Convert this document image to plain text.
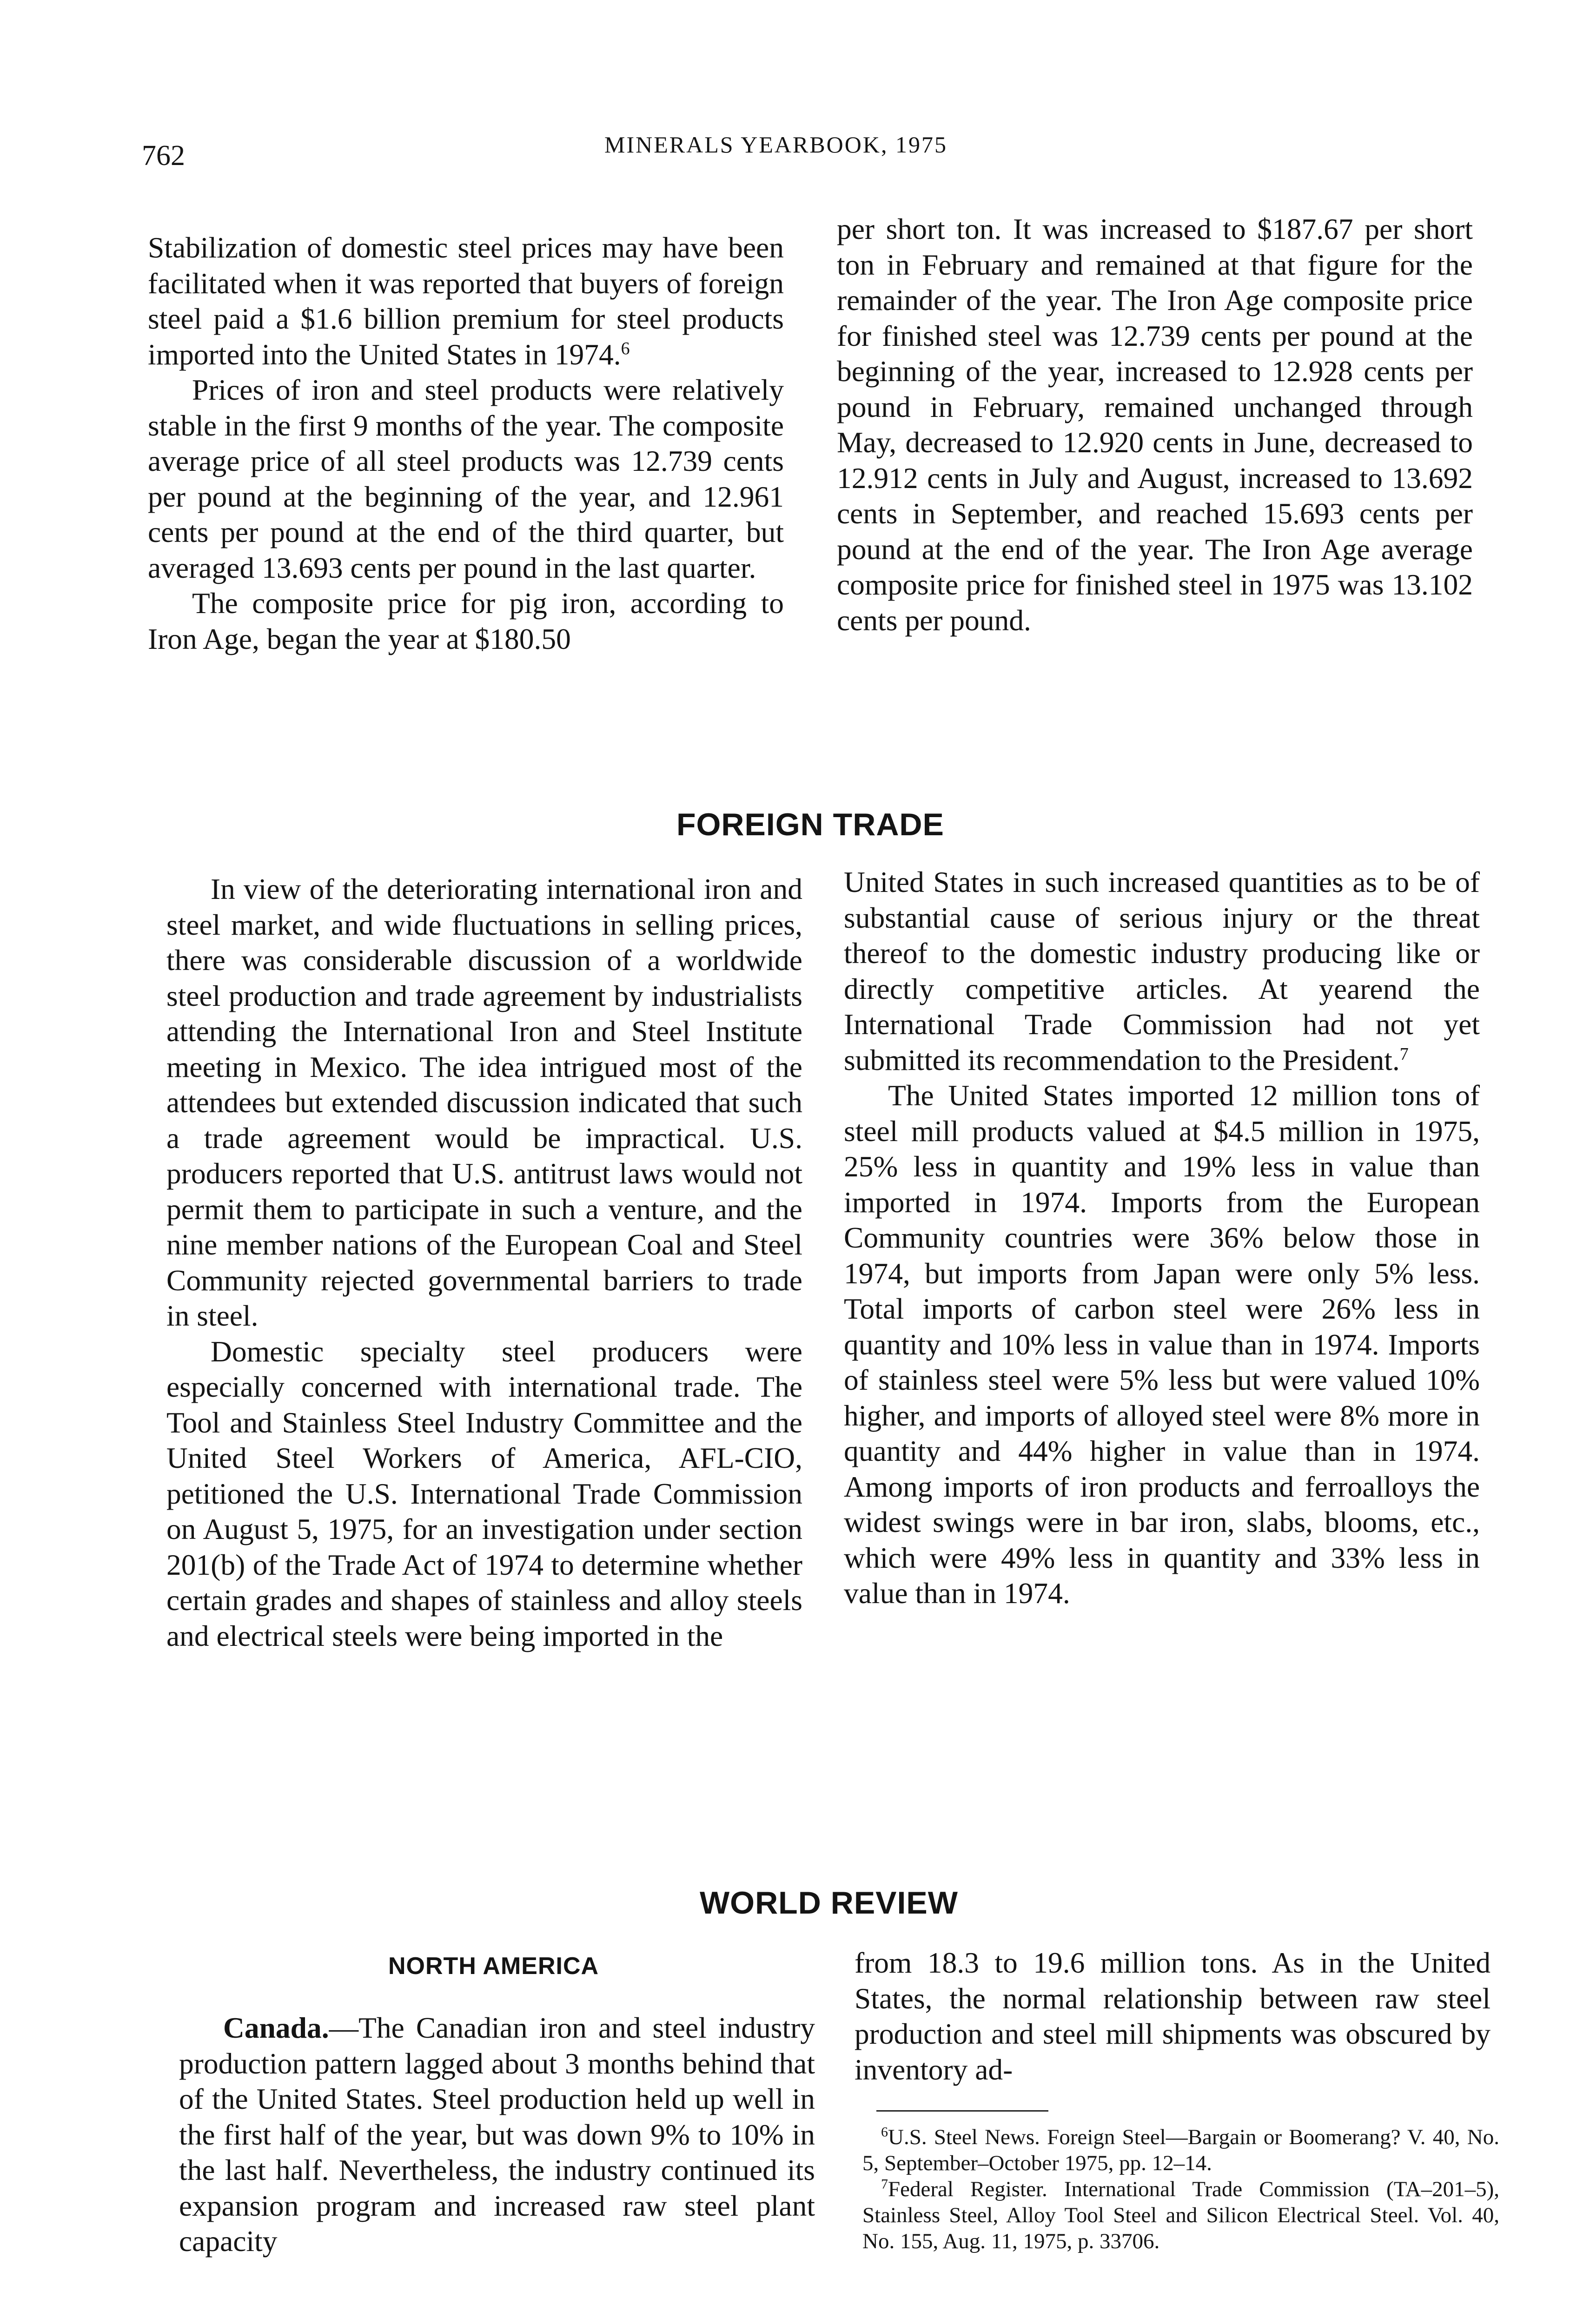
762	MINERALS YEARBOOK, 1975

Stabilization of domestic steel prices may have been facilitated when it was reported that buyers of foreign steel paid a $1.6 billion premium for steel products imported into the United States in 1974.$^6$

Prices of iron and steel products were relatively stable in the first 9 months of the year. The composite average price of all steel products was 12.739 cents per pound at the beginning of the year, and 12.961 cents per pound at the end of the third quarter, but averaged 13.693 cents per pound in the last quarter.

The composite price for pig iron, according to Iron Age, began the year at $180.50

per short ton. It was increased to $187.67 per short ton in February and remained at that figure for the remainder of the year. The Iron Age composite price for finished steel was 12.739 cents per pound at the beginning of the year, increased to 12.928 cents per pound in February, remained unchanged through May, decreased to 12.920 cents in June, decreased to 12.912 cents in July and August, increased to 13.692 cents in September, and reached 15.693 cents per pound at the end of the year. The Iron Age average composite price for finished steel in 1975 was 13.102 cents per pound.

FOREIGN TRADE

In view of the deteriorating international iron and steel market, and wide fluctuations in selling prices, there was considerable discussion of a worldwide steel production and trade agreement by industrialists attending the International Iron and Steel Institute meeting in Mexico. The idea intrigued most of the attendees but extended discussion indicated that such a trade agreement would be impractical. U.S. producers reported that U.S. antitrust laws would not permit them to participate in such a venture, and the nine member nations of the European Coal and Steel Community rejected governmental barriers to trade in steel.

Domestic specialty steel producers were especially concerned with international trade. The Tool and Stainless Steel Industry Committee and the United Steel Workers of America, AFL-CIO, petitioned the U.S. International Trade Commission on August 5, 1975, for an investigation under section 201(b) of the Trade Act of 1974 to determine whether certain grades and shapes of stainless and alloy steels and electrical steels were being imported in the

United States in such increased quantities as to be of substantial cause of serious injury or the threat thereof to the domestic industry producing like or directly competitive articles. At yearend the International Trade Commission had not yet submitted its recommendation to the President.$^7$

The United States imported 12 million tons of steel mill products valued at $4.5 million in 1975, 25% less in quantity and 19% less in value than imported in 1974. Imports from the European Community countries were 36% below those in 1974, but imports from Japan were only 5% less. Total imports of carbon steel were 26% less in quantity and 10% less in value than in 1974. Imports of stainless steel were 5% less but were valued 10% higher, and imports of alloyed steel were 8% more in quantity and 44% higher in value than in 1974. Among imports of iron products and ferroalloys the widest swings were in bar iron, slabs, blooms, etc., which were 49% less in quantity and 33% less in value than in 1974.

WORLD REVIEW
NORTH AMERICA

Canada.—The Canadian iron and steel industry production pattern lagged about 3 months behind that of the United States. Steel production held up well in the first half of the year, but was down 9% to 10% in the last half. Nevertheless, the industry continued its expansion program and increased raw steel plant capacity

from 18.3 to 19.6 million tons. As in the United States, the normal relationship between raw steel production and steel mill shipments was obscured by inventory ad-

$^6$U.S. Steel News. Foreign Steel—Bargain or Boomerang? V. 40, No. 5, September–October 1975, pp. 12–14.

$^7$Federal Register. International Trade Commission (TA–201–5), Stainless Steel, Alloy Tool Steel and Silicon Electrical Steel. Vol. 40, No. 155, Aug. 11, 1975, p. 33706.
